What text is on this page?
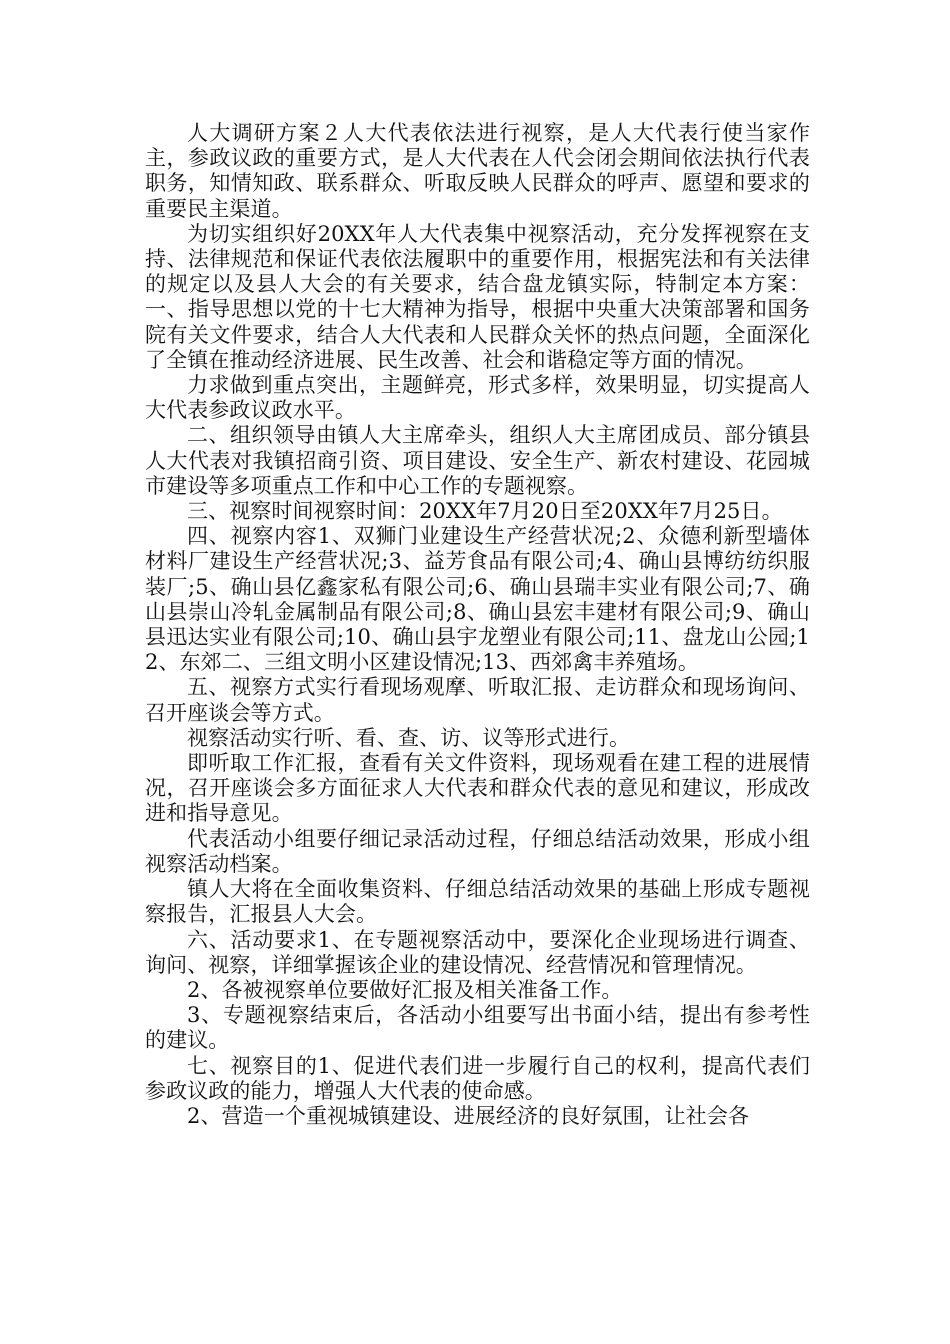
人大调研方案２人大代表依法进行视察，是人大代表行使当家作主，参政议政的重要方式，是人大代表在人代会闭会期间依法执行代表职务，知情知政、联系群众、听取反映人民群众的呼声、愿望和要求的重要民主渠道。

为切实组织好20XX年人大代表集中视察活动，充分发挥视察在支持、法律规范和保证代表依法履职中的重要作用，根据宪法和有关法律的规定以及县人大会的有关要求，结合盘龙镇实际，特制定本方案：一、指导思想以党的十七大精神为指导，根据中央重大决策部署和国务院有关文件要求，结合人大代表和人民群众关怀的热点问题，全面深化了全镇在推动经济进展、民生改善、社会和谐稳定等方面的情况。

力求做到重点突出，主题鲜亮，形式多样，效果明显，切实提高人大代表参政议政水平。

二、组织领导由镇人大主席牵头，组织人大主席团成员、部分镇县人大代表对我镇招商引资、项目建设、安全生产、新农村建设、花园城市建设等多项重点工作和中心工作的专题视察。

三、视察时间视察时间：20XX年7月20日至20XX年7月25日。

四、视察内容1、双狮门业建设生产经营状况;2、众德利新型墙体材料厂建设生产经营状况;3、益芳食品有限公司;4、确山县博纺纺织服装厂;5、确山县亿鑫家私有限公司;6、确山县瑞丰实业有限公司;7、确山县崇山冷轧金属制品有限公司;8、确山县宏丰建材有限公司;9、确山县迅达实业有限公司;10、确山县宇龙塑业有限公司;11、盘龙山公园;12、东郊二、三组文明小区建设情况;13、西郊禽丰养殖场。

五、视察方式实行看现场观摩、听取汇报、走访群众和现场询问、召开座谈会等方式。

视察活动实行听、看、查、访、议等形式进行。

即听取工作汇报，查看有关文件资料，现场观看在建工程的进展情况，召开座谈会多方面征求人大代表和群众代表的意见和建议，形成改进和指导意见。

代表活动小组要仔细记录活动过程，仔细总结活动效果，形成小组视察活动档案。

镇人大将在全面收集资料、仔细总结活动效果的基础上形成专题视察报告，汇报县人大会。

六、活动要求1、在专题视察活动中，要深化企业现场进行调查、询问、视察，详细掌握该企业的建设情况、经营情况和管理情况。

2、各被视察单位要做好汇报及相关准备工作。

3、专题视察结束后，各活动小组要写出书面小结，提出有参考性的建议。

七、视察目的1、促进代表们进一步履行自己的权利，提高代表们参政议政的能力，增强人大代表的使命感。

2、营造一个重视城镇建设、进展经济的良好氛围，让社会各
